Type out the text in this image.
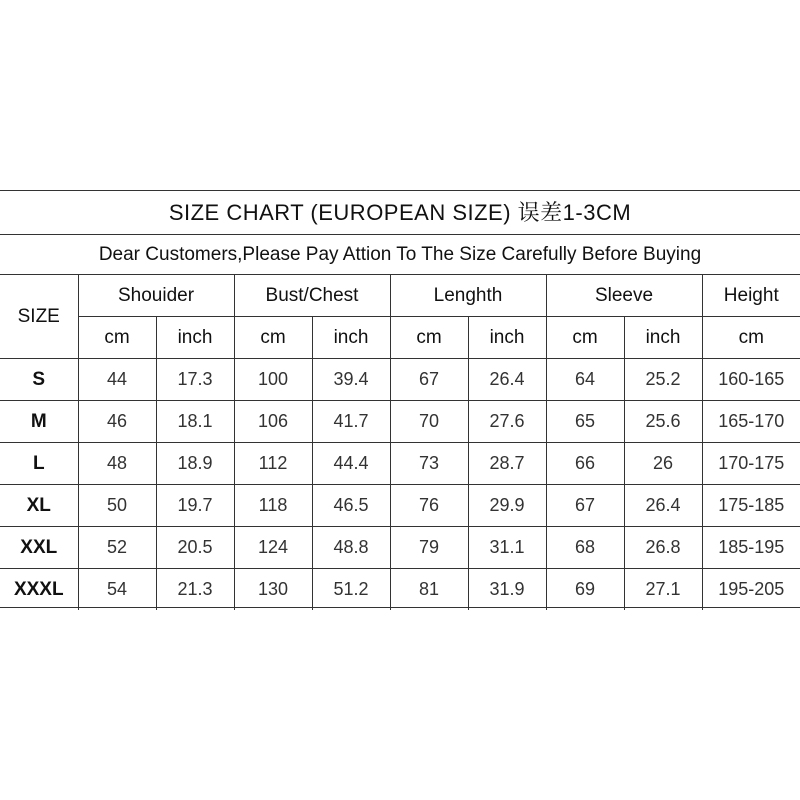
SIZE CHART (EUROPEAN SIZE) 误差1-3CM
Dear Customers,Please Pay Attion To The Size Carefully Before Buying
SIZE	Shouider		Bust/Chest		Lenghth		Sleeve		Height
	cm	inch	cm	inch	cm	inch	cm	inch	cm
S	44	17.3	100	39.4	67	26.4	64	25.2	160-165
M	46	18.1	106	41.7	70	27.6	65	25.6	165-170
L	48	18.9	112	44.4	73	28.7	66	26	170-175
XL	50	19.7	118	46.5	76	29.9	67	26.4	175-185
XXL	52	20.5	124	48.8	79	31.1	68	26.8	185-195
XXXL	54	21.3	130	51.2	81	31.9	69	27.1	195-205
